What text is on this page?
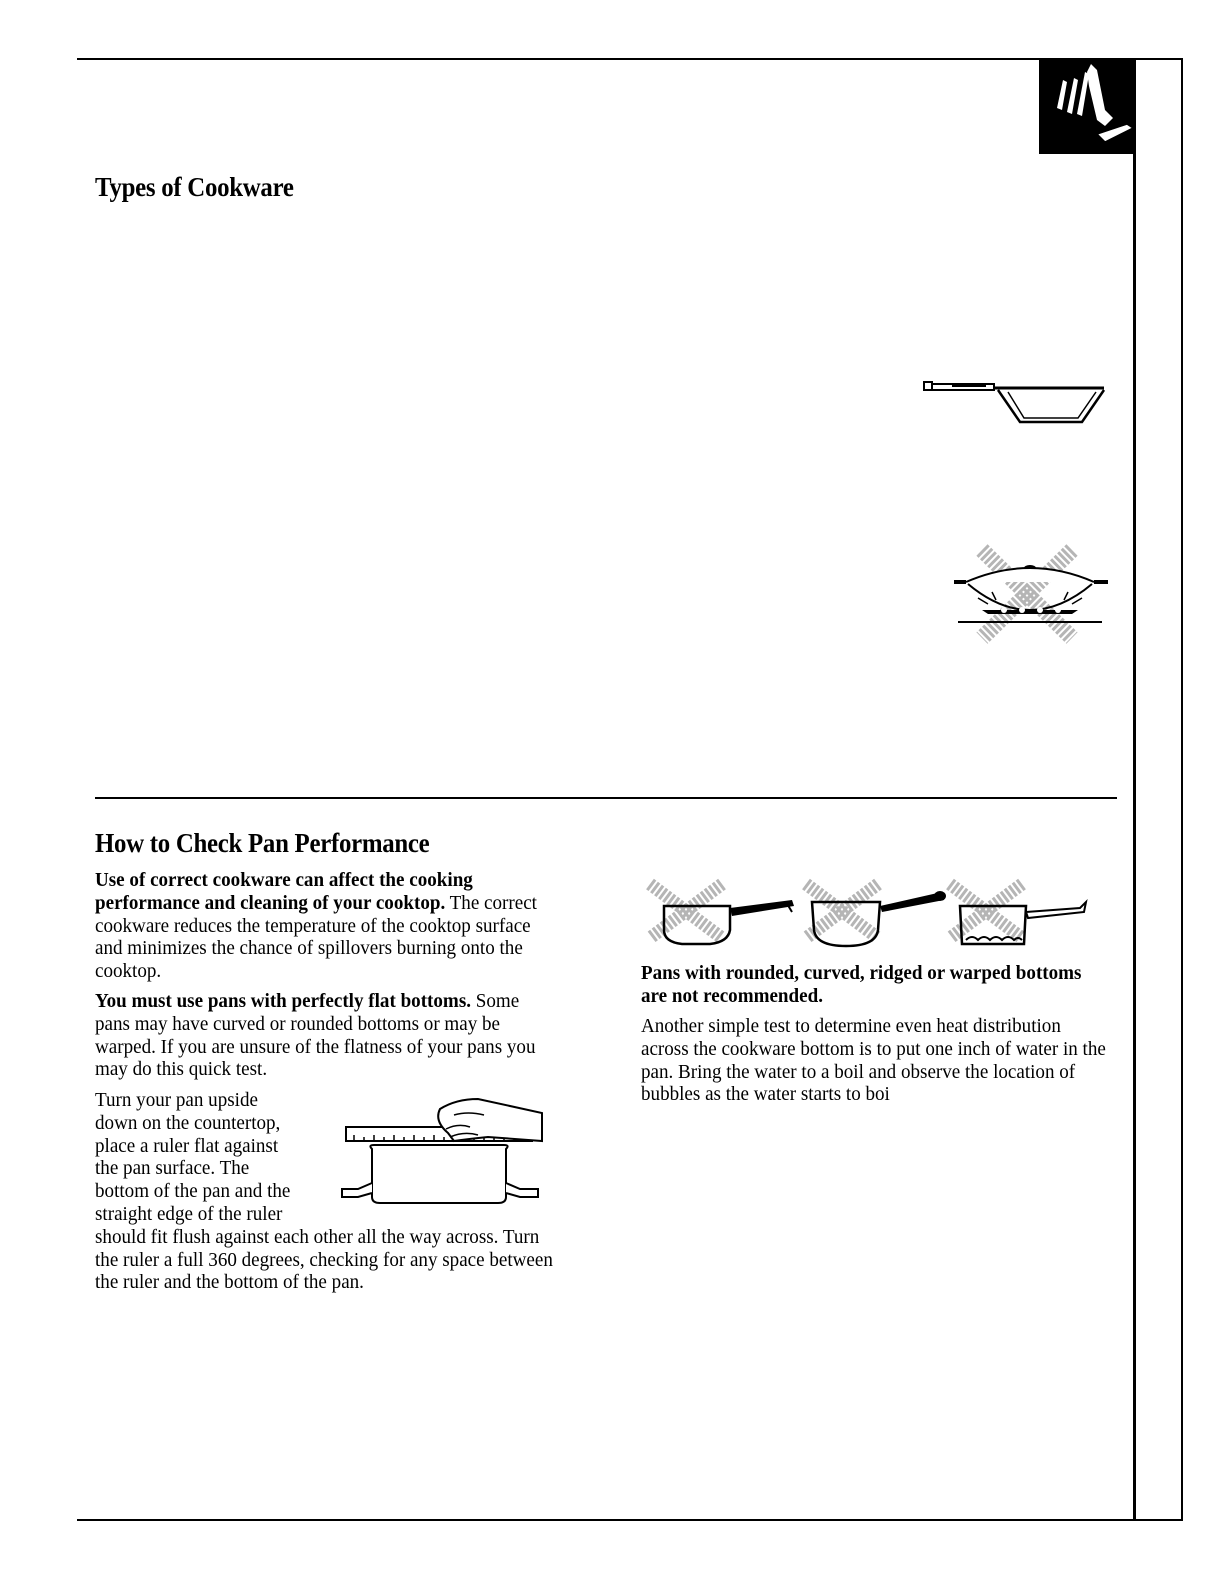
Types of Cookware
How to Check Pan Performance

Use of correct cookware can affect the cooking performance and cleaning of your cooktop. The correct cookware reduces the temperature of the cooktop surface and minimizes the chance of spillovers burning onto the cooktop.

You must use pans with perfectly flat bottoms. Some pans may have curved or rounded bottoms or may be warped. If you are unsure of the flatness of your pans you may do this quick test.

Turn your pan upside
down on the countertop,
place a ruler flat against
the pan surface. The
bottom of the pan and the
straight edge of the ruler
should fit flush against each other all the way across. Turn the ruler a full 360 degrees, checking for any space between the ruler and the bottom of the pan.

Pans with rounded, curved, ridged or warped bottoms are not recommended.

Another simple test to determine even heat distribution across the cookware bottom is to put one inch of water in the pan. Bring the water to a boil and observe the location of bubbles as the water starts to boi
